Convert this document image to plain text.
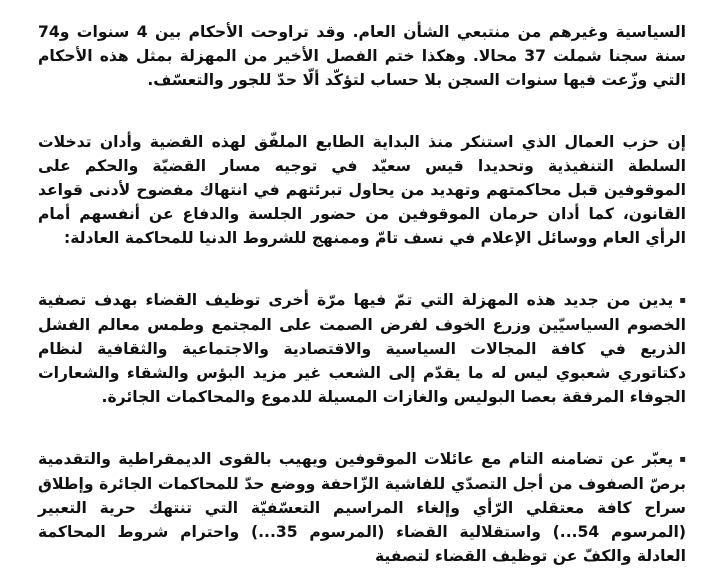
السياسية وغيرهم من منتبعي الشأن العام. وقد تراوحت الأحكام بين 4 سنوات و74 سنة سجنا شملت 37 محالا. وهكذا ختم الفصل الأخير من المهزلة بمثل هذه الأحكام التي وزّعت فيها سنوات السجن بلا حساب لتؤكّد ألّا حدّ للجور والتعسّف.

إن حزب العمال الذي استنكر منذ البداية الطابع الملفّق لهذه القضية وأدان تدخلات السلطة التنفيذية وتحديدا قيس سعيّد في توجيه مسار القضيّة والحكم على الموقوفين قبل محاكمتهم وتهديد من يحاول تبرئتهم في انتهاك مفضوح لأدنى قواعد القانون، كما أدان حرمان الموقوفين من حضور الجلسة والدفاع عن أنفسهم أمام الرأي العام ووسائل الإعلام في نسف تامّ وممنهج للشروط الدنيا للمحاكمة العادلة:

▪يدين من جديد هذه المهزلة التي تمّ فيها مرّة أخرى توظيف القضاء بهدف تصفية الخصوم السياسيّين وزرع الخوف لفرض الصمت على المجتمع وطمس معالم الفشل الذريع في كافة المجالات السياسية والاقتصادية والاجتماعية والثقافية لنظام دكتاتوري شعبوي ليس له ما يقدّم إلى الشعب غير مزيد البؤس والشقاء والشعارات الجوفاء المرفقة بعصا البوليس والغازات المسيلة للدموع والمحاكمات الجائرة.

▪يعبّر عن تضامنه التام مع عائلات الموقوفين ويهيب بالقوى الديمقراطية والتقدمية برصّ الصفوف من أجل التصدّي للفاشية الزّاحفة ووضع حدّ للمحاكمات الجائرة وإطلاق سراح كافة معتقلي الرّأي وإلغاء المراسيم التعسّفيّة التي تنتهك حرية التعبير (المرسوم 54...) واستقلالية القضاء (المرسوم 35...) واحترام شروط المحاكمة العادلة والكفّ عن توظيف القضاء لتصفية
